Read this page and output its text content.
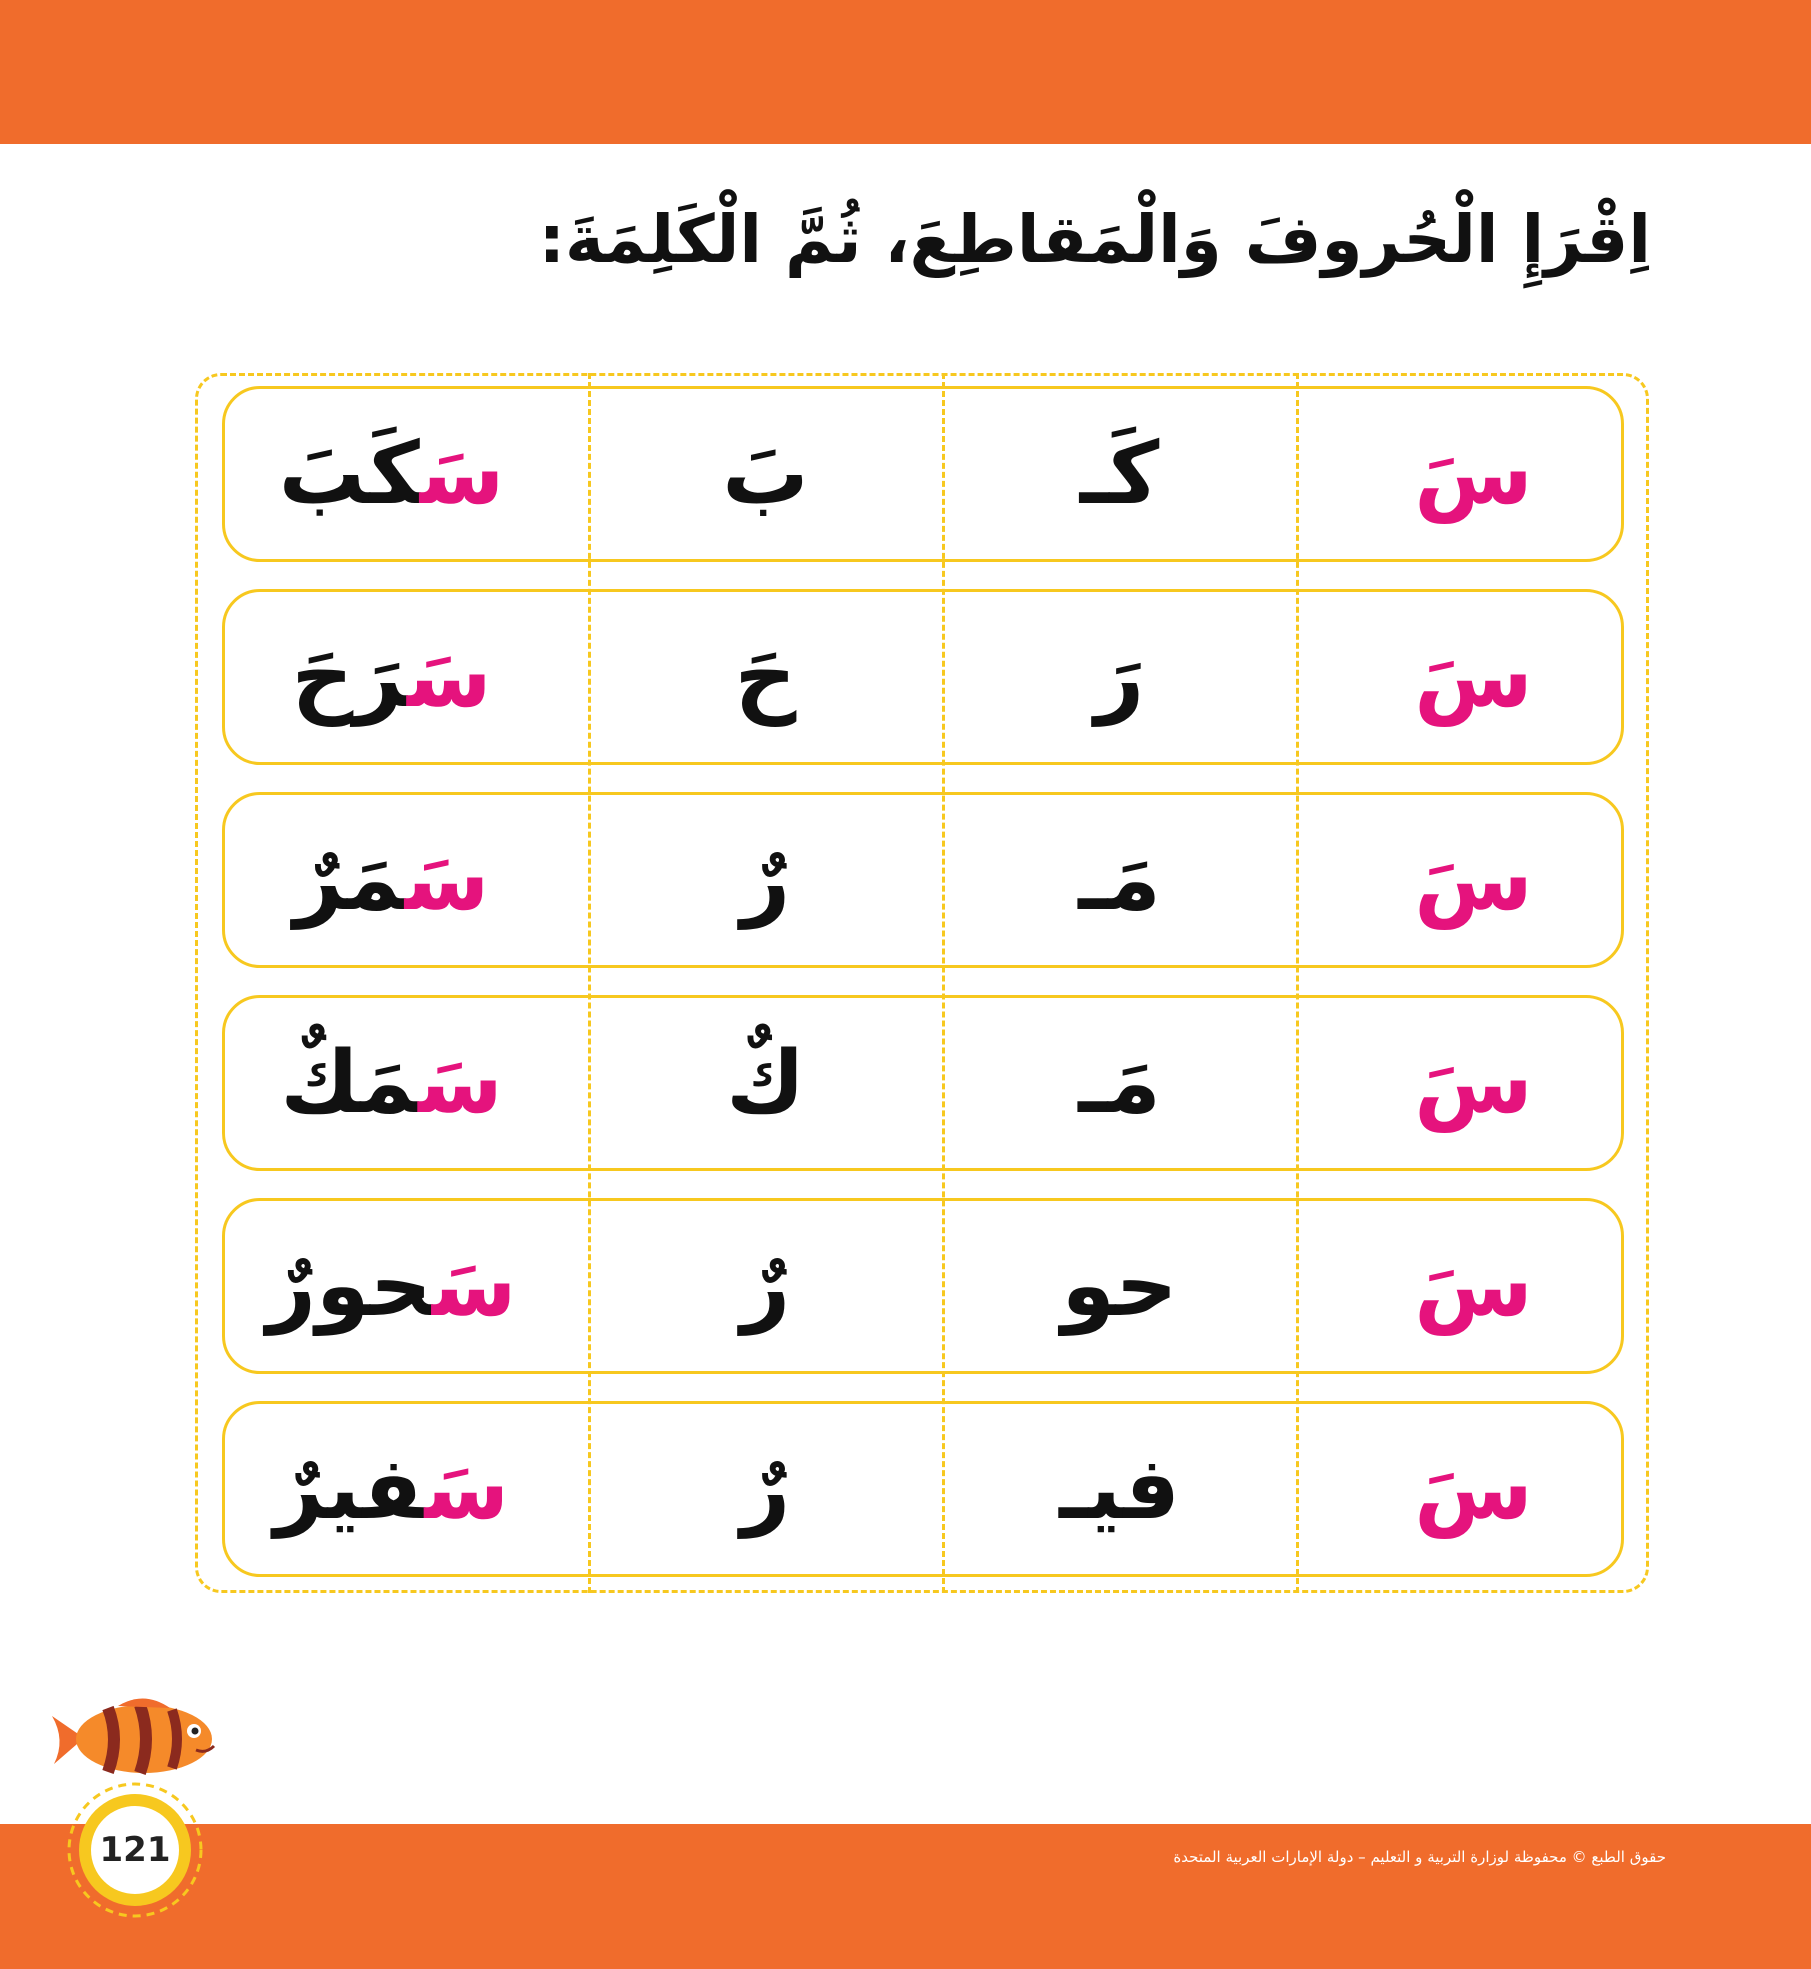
اِقْرَإِ الْحُروفَ وَالْمَقاطِعَ، ثُمَّ الْكَلِمَةَ:
سَ
كَـ
بَ
سَكَبَ
سَ
رَ
حَ
سَرَحَ
سَ
مَـ
رٌ
سَمَرٌ
سَ
مَـ
كٌ
سَمَكٌ
سَ
حو
رٌ
سَحورٌ
سَ
فيـ
رٌ
سَفيرٌ
121	حقوق الطبع © محفوظة لوزارة التربية و التعليم – دولة الإمارات العربية المتحدة
